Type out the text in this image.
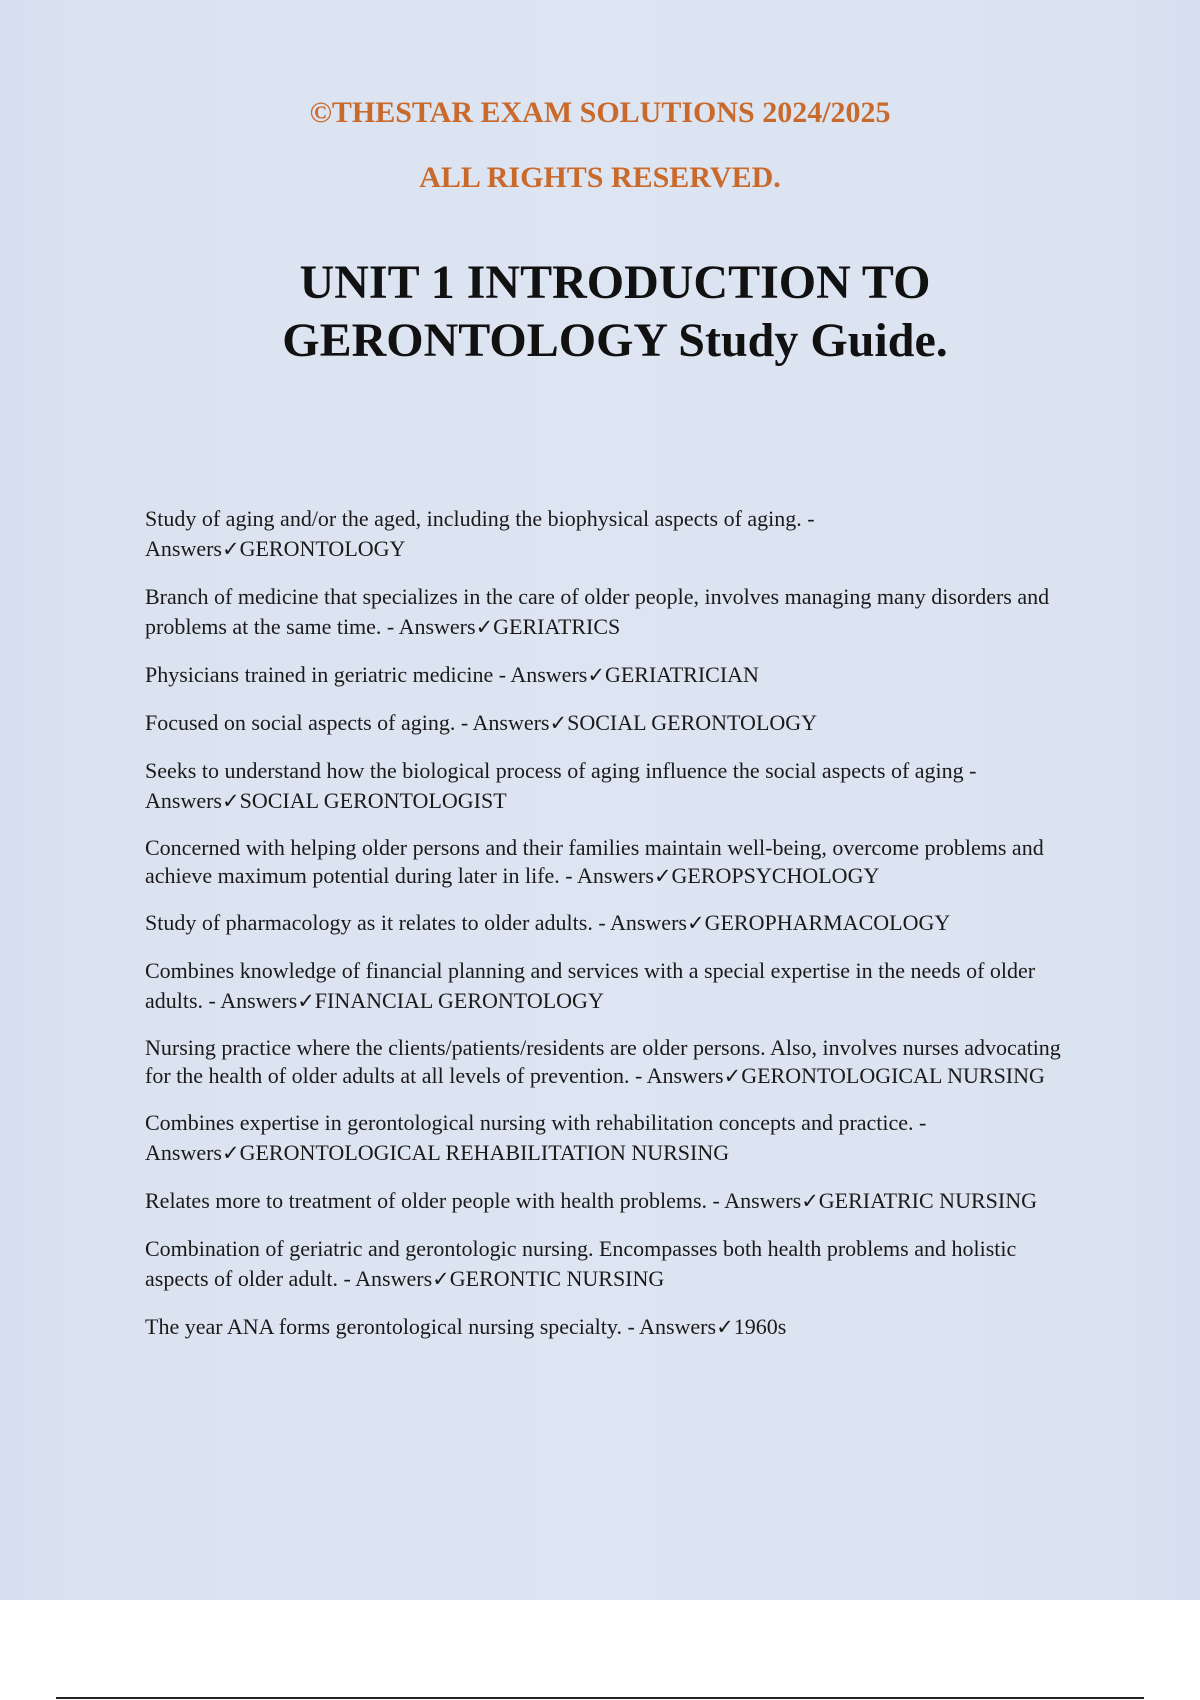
©THESTAR EXAM SOLUTIONS 2024/2025
ALL RIGHTS RESERVED.
UNIT 1 INTRODUCTION TO
GERONTOLOGY Study Guide.
Study of aging and/or the aged, including the biophysical aspects of aging. - Answers✓GERONTOLOGY
Branch of medicine that specializes in the care of older people, involves managing many disorders and problems at the same time. - Answers✓GERIATRICS
Physicians trained in geriatric medicine - Answers✓GERIATRICIAN
Focused on social aspects of aging. - Answers✓SOCIAL GERONTOLOGY
Seeks to understand how the biological process of aging influence the social aspects of aging - Answers✓SOCIAL GERONTOLOGIST
Concerned with helping older persons and their families maintain well-being, overcome problems and achieve maximum potential during later in life. - Answers✓GEROPSYCHOLOGY
Study of pharmacology as it relates to older adults. - Answers✓GEROPHARMACOLOGY
Combines knowledge of financial planning and services with a special expertise in the needs of older adults. - Answers✓FINANCIAL GERONTOLOGY
Nursing practice where the clients/patients/residents are older persons. Also, involves nurses advocating for the health of older adults at all levels of prevention. - Answers✓GERONTOLOGICAL NURSING
Combines expertise in gerontological nursing with rehabilitation concepts and practice. - Answers✓GERONTOLOGICAL REHABILITATION NURSING
Relates more to treatment of older people with health problems. - Answers✓GERIATRIC NURSING
Combination of geriatric and gerontologic nursing. Encompasses both health problems and holistic aspects of older adult. - Answers✓GERONTIC NURSING
The year ANA forms gerontological nursing specialty. - Answers✓1960s
